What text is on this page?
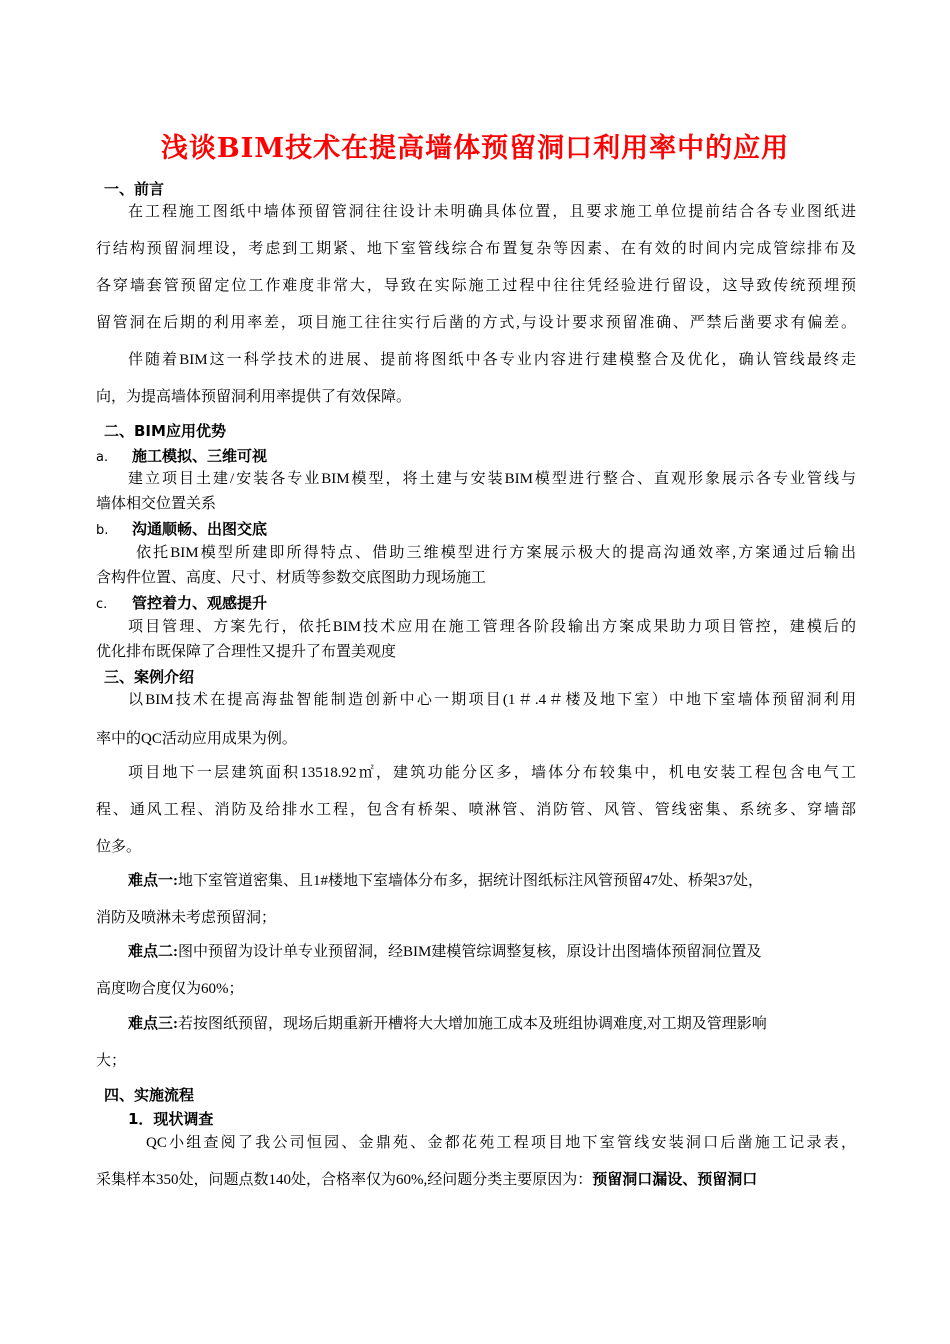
浅谈BIM技术在提高墙体预留洞口利用率中的应用
一、前言
在工程施工图纸中墙体预留管洞往往设计未明确具体位置，且要求施工单位提前结合各专业图纸进
行结构预留洞埋设，考虑到工期紧、地下室管线综合布置复杂等因素、在有效的时间内完成管综排布及
各穿墙套管预留定位工作难度非常大，导致在实际施工过程中往往凭经验进行留设，这导致传统预埋预
留管洞在后期的利用率差，项目施工往往实行后凿的方式,与设计要求预留准确、严禁后凿要求有偏差。
伴随着BIM这一科学技术的进展、提前将图纸中各专业内容进行建模整合及优化，确认管线最终走
向，为提高墙体预留洞利用率提供了有效保障。
二、BIM应用优势
a. 施工模拟、三维可视
建立项目土建/安装各专业BIM模型，将土建与安装BIM模型进行整合、直观形象展示各专业管线与
墙体相交位置关系
b. 沟通顺畅、出图交底
依托BIM模型所建即所得特点、借助三维模型进行方案展示极大的提高沟通效率,方案通过后输出
含构件位置、高度、尺寸、材质等参数交底图助力现场施工
c. 管控着力、观感提升
项目管理、方案先行，依托BIM技术应用在施工管理各阶段输出方案成果助力项目管控，建模后的
优化排布既保障了合理性又提升了布置美观度
三、案例介绍
以BIM技术在提高海盐智能制造创新中心一期项目(1＃.4＃楼及地下室）中地下室墙体预留洞利用
率中的QC活动应用成果为例。
项目地下一层建筑面积13518.92㎡，建筑功能分区多，墙体分布较集中，机电安装工程包含电气工
程、通风工程、消防及给排水工程，包含有桥架、喷淋管、消防管、风管、管线密集、系统多、穿墙部
位多。
难点一:地下室管道密集、且1#楼地下室墙体分布多，据统计图纸标注风管预留47处、桥架37处，
消防及喷淋未考虑预留洞；
难点二:图中预留为设计单专业预留洞，经BIM建模管综调整复核，原设计出图墙体预留洞位置及
高度吻合度仅为60%；
难点三:若按图纸预留，现场后期重新开槽将大大增加施工成本及班组协调难度,对工期及管理影响
大；
四、实施流程
1．现状调查
QC小组查阅了我公司恒园、金鼎苑、金都花苑工程项目地下室管线安装洞口后凿施工记录表，
采集样本350处，问题点数140处，合格率仅为60%,经问题分类主要原因为：预留洞口漏设、预留洞口
